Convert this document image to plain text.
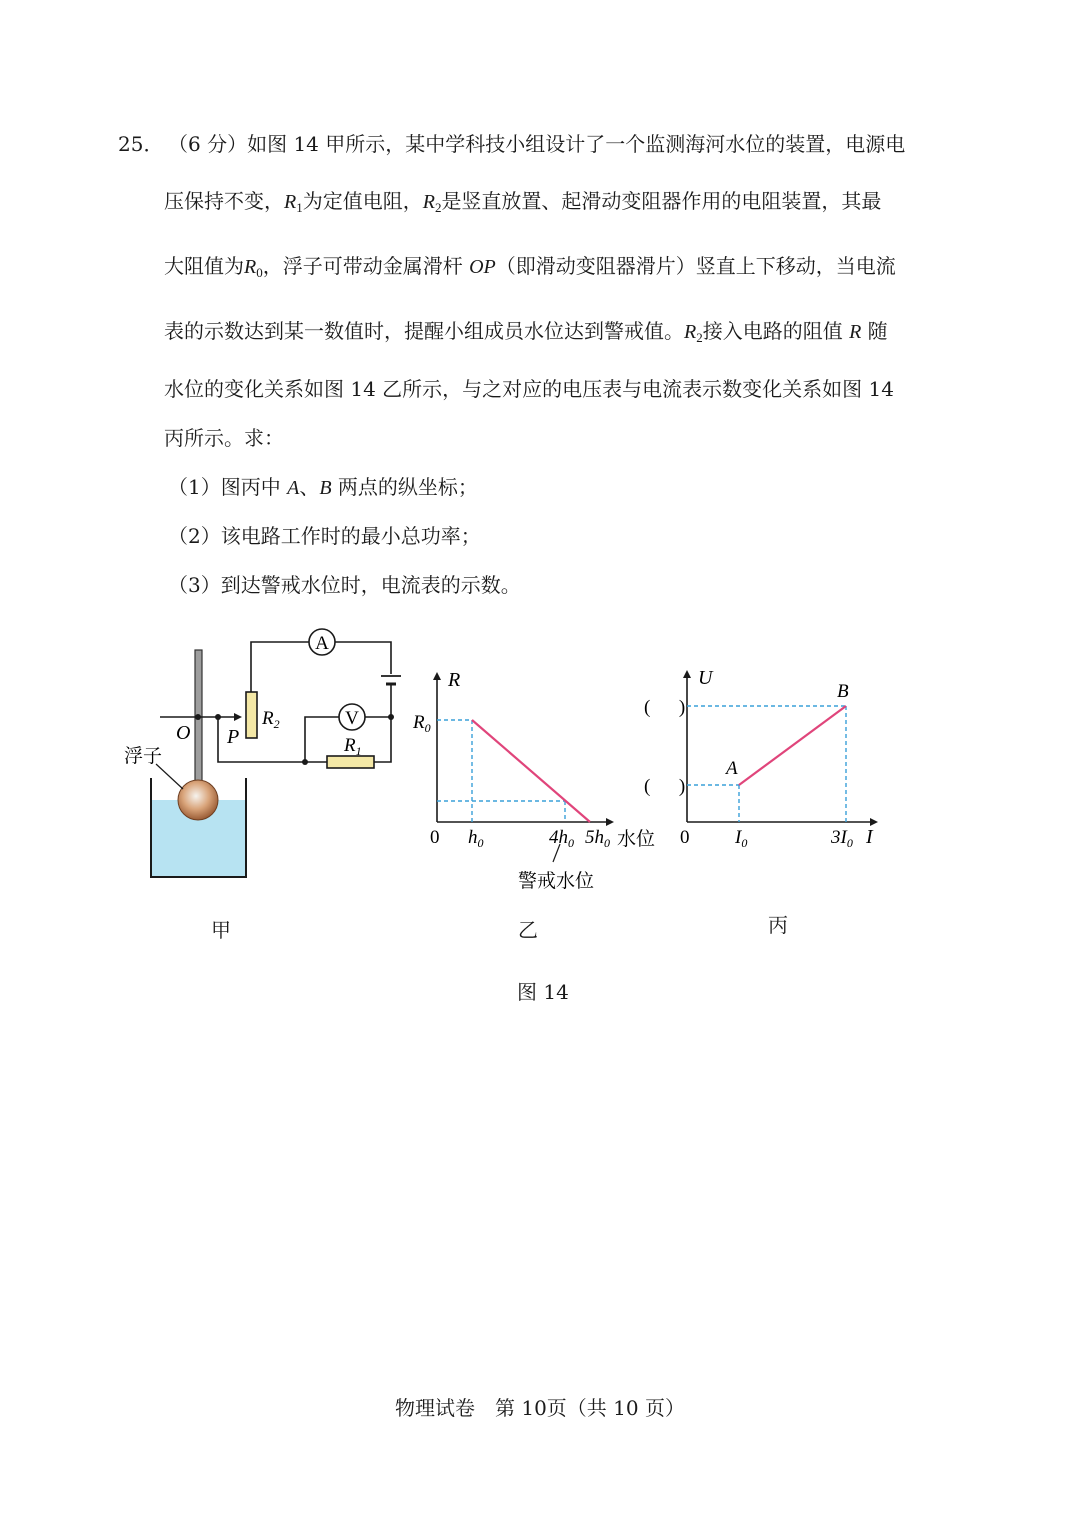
25． （6 分）如图 14 甲所示，某中学科技小组设计了一个监测海河水位的装置，电源电
压保持不变，$R_1$为定值电阻，$R_2$是竖直放置、起滑动变阻器作用的电阻装置，其最
大阻值为$R_0$，浮子可带动金属滑杆 OP（即滑动变阻器滑片）竖直上下移动，当电流
表的示数达到某一数值时，提醒小组成员水位达到警戒值。$R_2$接入电路的阻值 R 随
水位的变化关系如图 14 乙所示，与之对应的电压表与电流表示数变化关系如图 14
丙所示。求：
（1）图丙中 A、B 两点的纵坐标；
（2）该电路工作时的最小总功率；
（3）到达警戒水位时，电流表的示数。
A
V
$R_2$
$R_1$
O P
浮子
R
$R_0$
0 $h_0$	$4h_0$ $5h_0$ 水位
警戒水位
U
(      )
(      )
B
A
0 $I_0$	$3I_0$ I
甲	乙	丙
图 14
物理试卷　第 10页（共 10 页）
